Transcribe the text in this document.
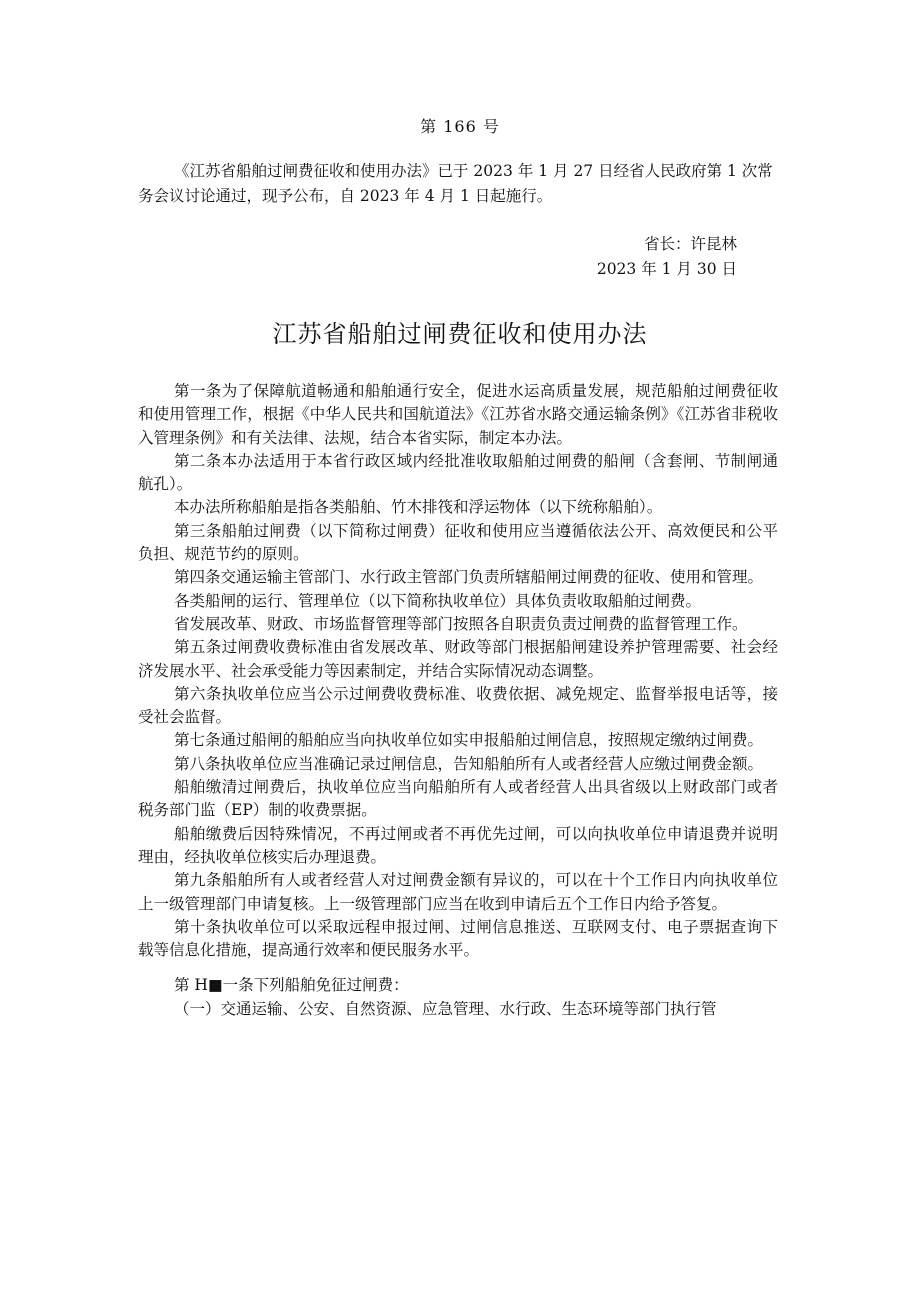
第 166 号

《江苏省船舶过闸费征收和使用办法》已于 2023 年 1 月 27 日经省人民政府第 1 次常务会议讨论通过，现予公布，自 2023 年 4 月 1 日起施行。

省长：许昆林
2023 年 1 月 30 日
江苏省船舶过闸费征收和使用办法

第一条为了保障航道畅通和船舶通行安全，促进水运高质量发展，规范船舶过闸费征收和使用管理工作，根据《中华人民共和国航道法》《江苏省水路交通运输条例》《江苏省非税收入管理条例》和有关法律、法规，结合本省实际，制定本办法。

第二条本办法适用于本省行政区域内经批准收取船舶过闸费的船闸（含套闸、节制闸通航孔）。

本办法所称船舶是指各类船舶、竹木排筏和浮运物体（以下统称船舶）。

第三条船舶过闸费（以下简称过闸费）征收和使用应当遵循依法公开、高效便民和公平负担、规范节约的原则。

第四条交通运输主管部门、水行政主管部门负责所辖船闸过闸费的征收、使用和管理。

各类船闸的运行、管理单位（以下简称执收单位）具体负责收取船舶过闸费。

省发展改革、财政、市场监督管理等部门按照各自职责负责过闸费的监督管理工作。

第五条过闸费收费标准由省发展改革、财政等部门根据船闸建设养护管理需要、社会经济发展水平、社会承受能力等因素制定，并结合实际情况动态调整。

第六条执收单位应当公示过闸费收费标准、收费依据、减免规定、监督举报电话等，接受社会监督。

第七条通过船闸的船舶应当向执收单位如实申报船舶过闸信息，按照规定缴纳过闸费。

第八条执收单位应当准确记录过闸信息，告知船舶所有人或者经营人应缴过闸费金额。

船舶缴清过闸费后，执收单位应当向船舶所有人或者经营人出具省级以上财政部门或者税务部门监（EP）制的收费票据。

船舶缴费后因特殊情况，不再过闸或者不再优先过闸，可以向执收单位申请退费并说明理由，经执收单位核实后办理退费。

第九条船舶所有人或者经营人对过闸费金额有异议的，可以在十个工作日内向执收单位上一级管理部门申请复核。上一级管理部门应当在收到申请后五个工作日内给予答复。

第十条执收单位可以采取远程申报过闸、过闸信息推送、互联网支付、电子票据查询下载等信息化措施，提高通行效率和便民服务水平。

第 H■一条下列船舶免征过闸费：

（一）交通运输、公安、自然资源、应急管理、水行政、生态环境等部门执行管
